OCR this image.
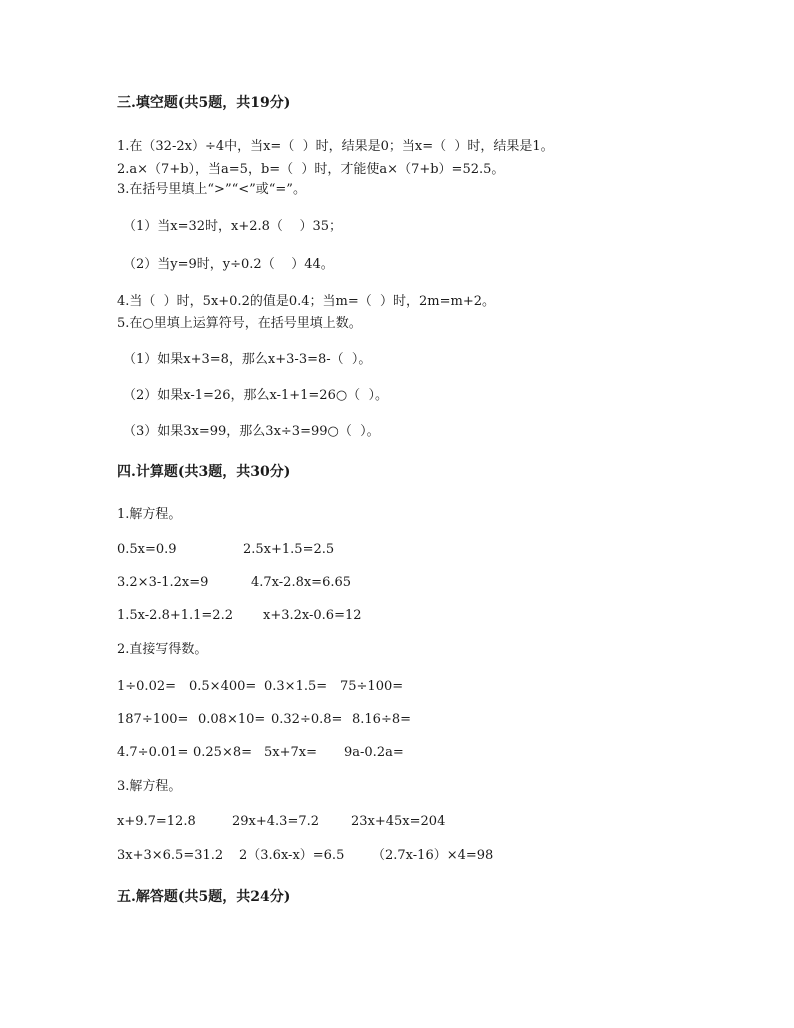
三.填空题(共5题，共19分)
1.在（32-2x）÷4中，当x=（  ）时，结果是0；当x=（  ）时，结果是1。
2.a×（7+b），当a=5，b=（  ）时，才能使a×（7+b）=52.5。
3.在括号里填上“>”“<”或“=”。
（1）当x=32时，x+2.8（    ）35；
（2）当y=9时，y÷0.2（    ）44。
4.当（  ）时，5x+0.2的值是0.4；当m=（  ）时，2m=m+2。
5.在○里填上运算符号，在括号里填上数。
（1）如果x+3=8，那么x+3-3=8-（  ）。
（2）如果x-1=26，那么x-1+1=26○（  ）。
（3）如果3x=99，那么3x÷3=99○（  ）。
四.计算题(共3题，共30分)
1.解方程。
0.5x=0.9	2.5x+1.5=2.5
3.2×3-1.2x=9	4.7x-2.8x=6.65
1.5x-2.8+1.1=2.2 x+3.2x-0.6=12
2.直接写得数。
1÷0.02= 0.5×400= 0.3×1.5= 75÷100=
187÷100= 0.08×10= 0.32÷0.8= 8.16÷8=
4.7÷0.01= 0.25×8= 5x+7x= 9a-0.2a=
3.解方程。
x+9.7=12.8	29x+4.3=7.2 23x+45x=204
3x+3×6.5=31.2 2（3.6x-x）=6.5 （2.7x-16）×4=98
五.解答题(共5题，共24分)
